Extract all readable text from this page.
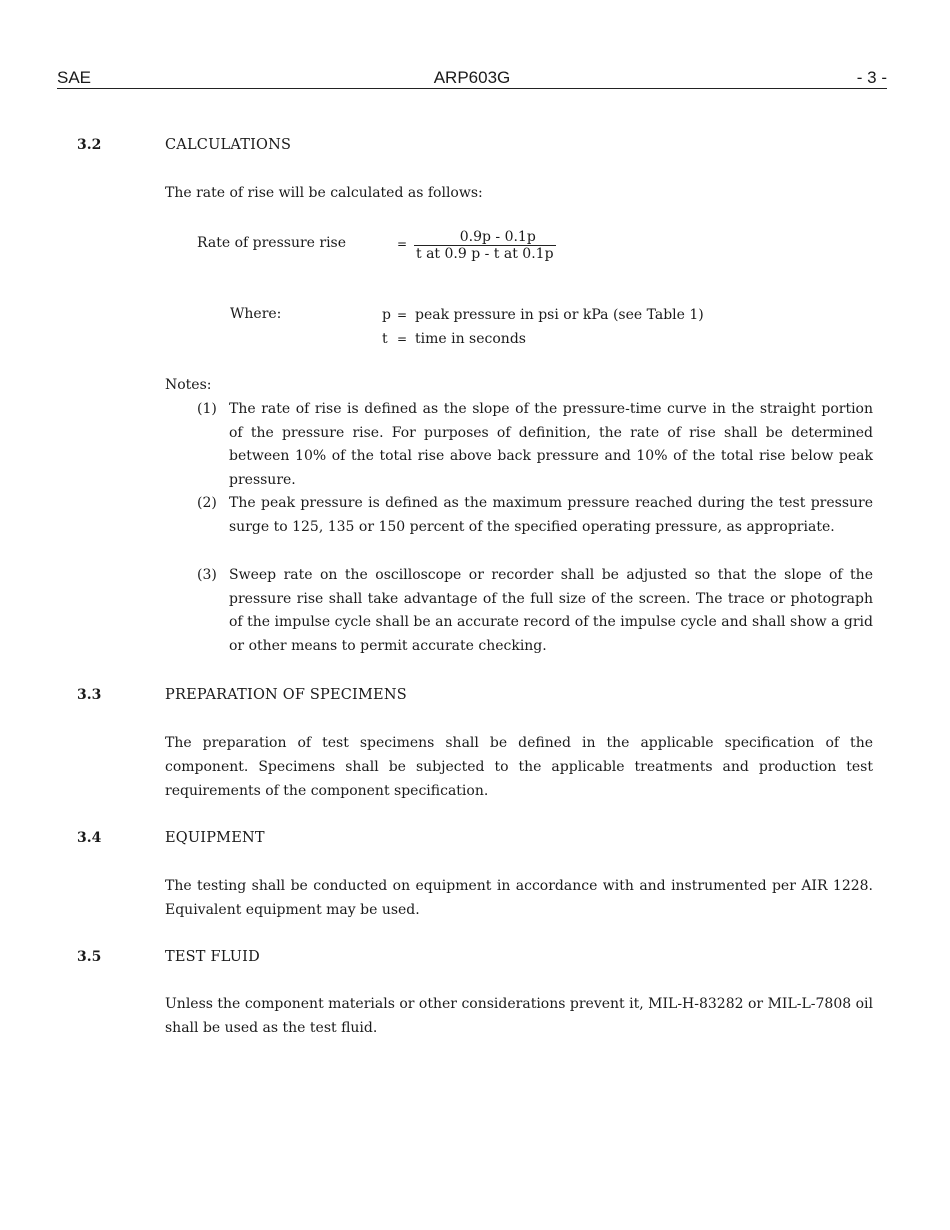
SAE	ARP603G	- 3 -
3.2	CALCULATIONS
The rate of rise will be calculated as follows:
Rate of pressure rise	= $\frac{0.9p - 0.1p}{\text{t at 0.9 p - t at 0.1p}}$
Where:	p = peak pressure in psi or kPa (see Table 1)
t = time in seconds
Notes:
(1) The rate of rise is defined as the slope of the pressure-time curve in the straight portion of the pressure rise. For purposes of definition, the rate of rise shall be determined between 10% of the total rise above back pressure and 10% of the total rise below peak pressure.
(2) The peak pressure is defined as the maximum pressure reached during the test pressure surge to 125, 135 or 150 percent of the specified operating pressure, as appropriate.
(3) Sweep rate on the oscilloscope or recorder shall be adjusted so that the slope of the pressure rise shall take advantage of the full size of the screen. The trace or photograph of the impulse cycle shall be an accurate record of the impulse cycle and shall show a grid or other means to permit accurate checking.
3.3	PREPARATION OF SPECIMENS
The preparation of test specimens shall be defined in the applicable specification of the component. Specimens shall be subjected to the applicable treatments and production test requirements of the component specification.
3.4	EQUIPMENT
The testing shall be conducted on equipment in accordance with and instrumented per AIR 1228. Equivalent equipment may be used.
3.5	TEST FLUID
Unless the component materials or other considerations prevent it, MIL-H-83282 or MIL-L-7808 oil shall be used as the test fluid.
